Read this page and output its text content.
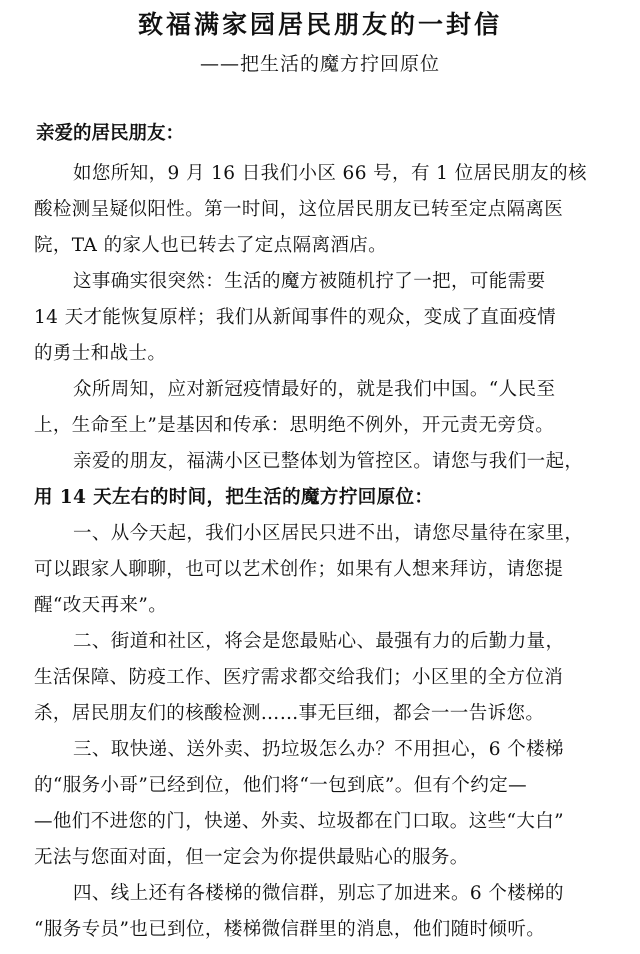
致福满家园居民朋友的一封信
——把生活的魔方拧回原位
亲爱的居民朋友：
如您所知，9 月 16 日我们小区 66 号，有 1 位居民朋友的核
酸检测呈疑似阳性。第一时间，这位居民朋友已转至定点隔离医
院，TA 的家人也已转去了定点隔离酒店。
这事确实很突然：生活的魔方被随机拧了一把，可能需要
14 天才能恢复原样；我们从新闻事件的观众，变成了直面疫情
的勇士和战士。
众所周知，应对新冠疫情最好的，就是我们中国。“人民至
上，生命至上”是基因和传承：思明绝不例外，开元责无旁贷。
亲爱的朋友，福满小区已整体划为管控区。请您与我们一起，
用 14 天左右的时间，把生活的魔方拧回原位：
一、从今天起，我们小区居民只进不出，请您尽量待在家里，
可以跟家人聊聊，也可以艺术创作；如果有人想来拜访，请您提
醒“改天再来”。
二、街道和社区，将会是您最贴心、最强有力的后勤力量，
生活保障、防疫工作、医疗需求都交给我们；小区里的全方位消
杀，居民朋友们的核酸检测……事无巨细，都会一一告诉您。
三、取快递、送外卖、扔垃圾怎么办？不用担心，6 个楼梯
的“服务小哥”已经到位，他们将“一包到底”。但有个约定—
—他们不进您的门，快递、外卖、垃圾都在门口取。这些“大白”
无法与您面对面，但一定会为你提供最贴心的服务。
四、线上还有各楼梯的微信群，别忘了加进来。6 个楼梯的
“服务专员”也已到位，楼梯微信群里的消息，他们随时倾听。
